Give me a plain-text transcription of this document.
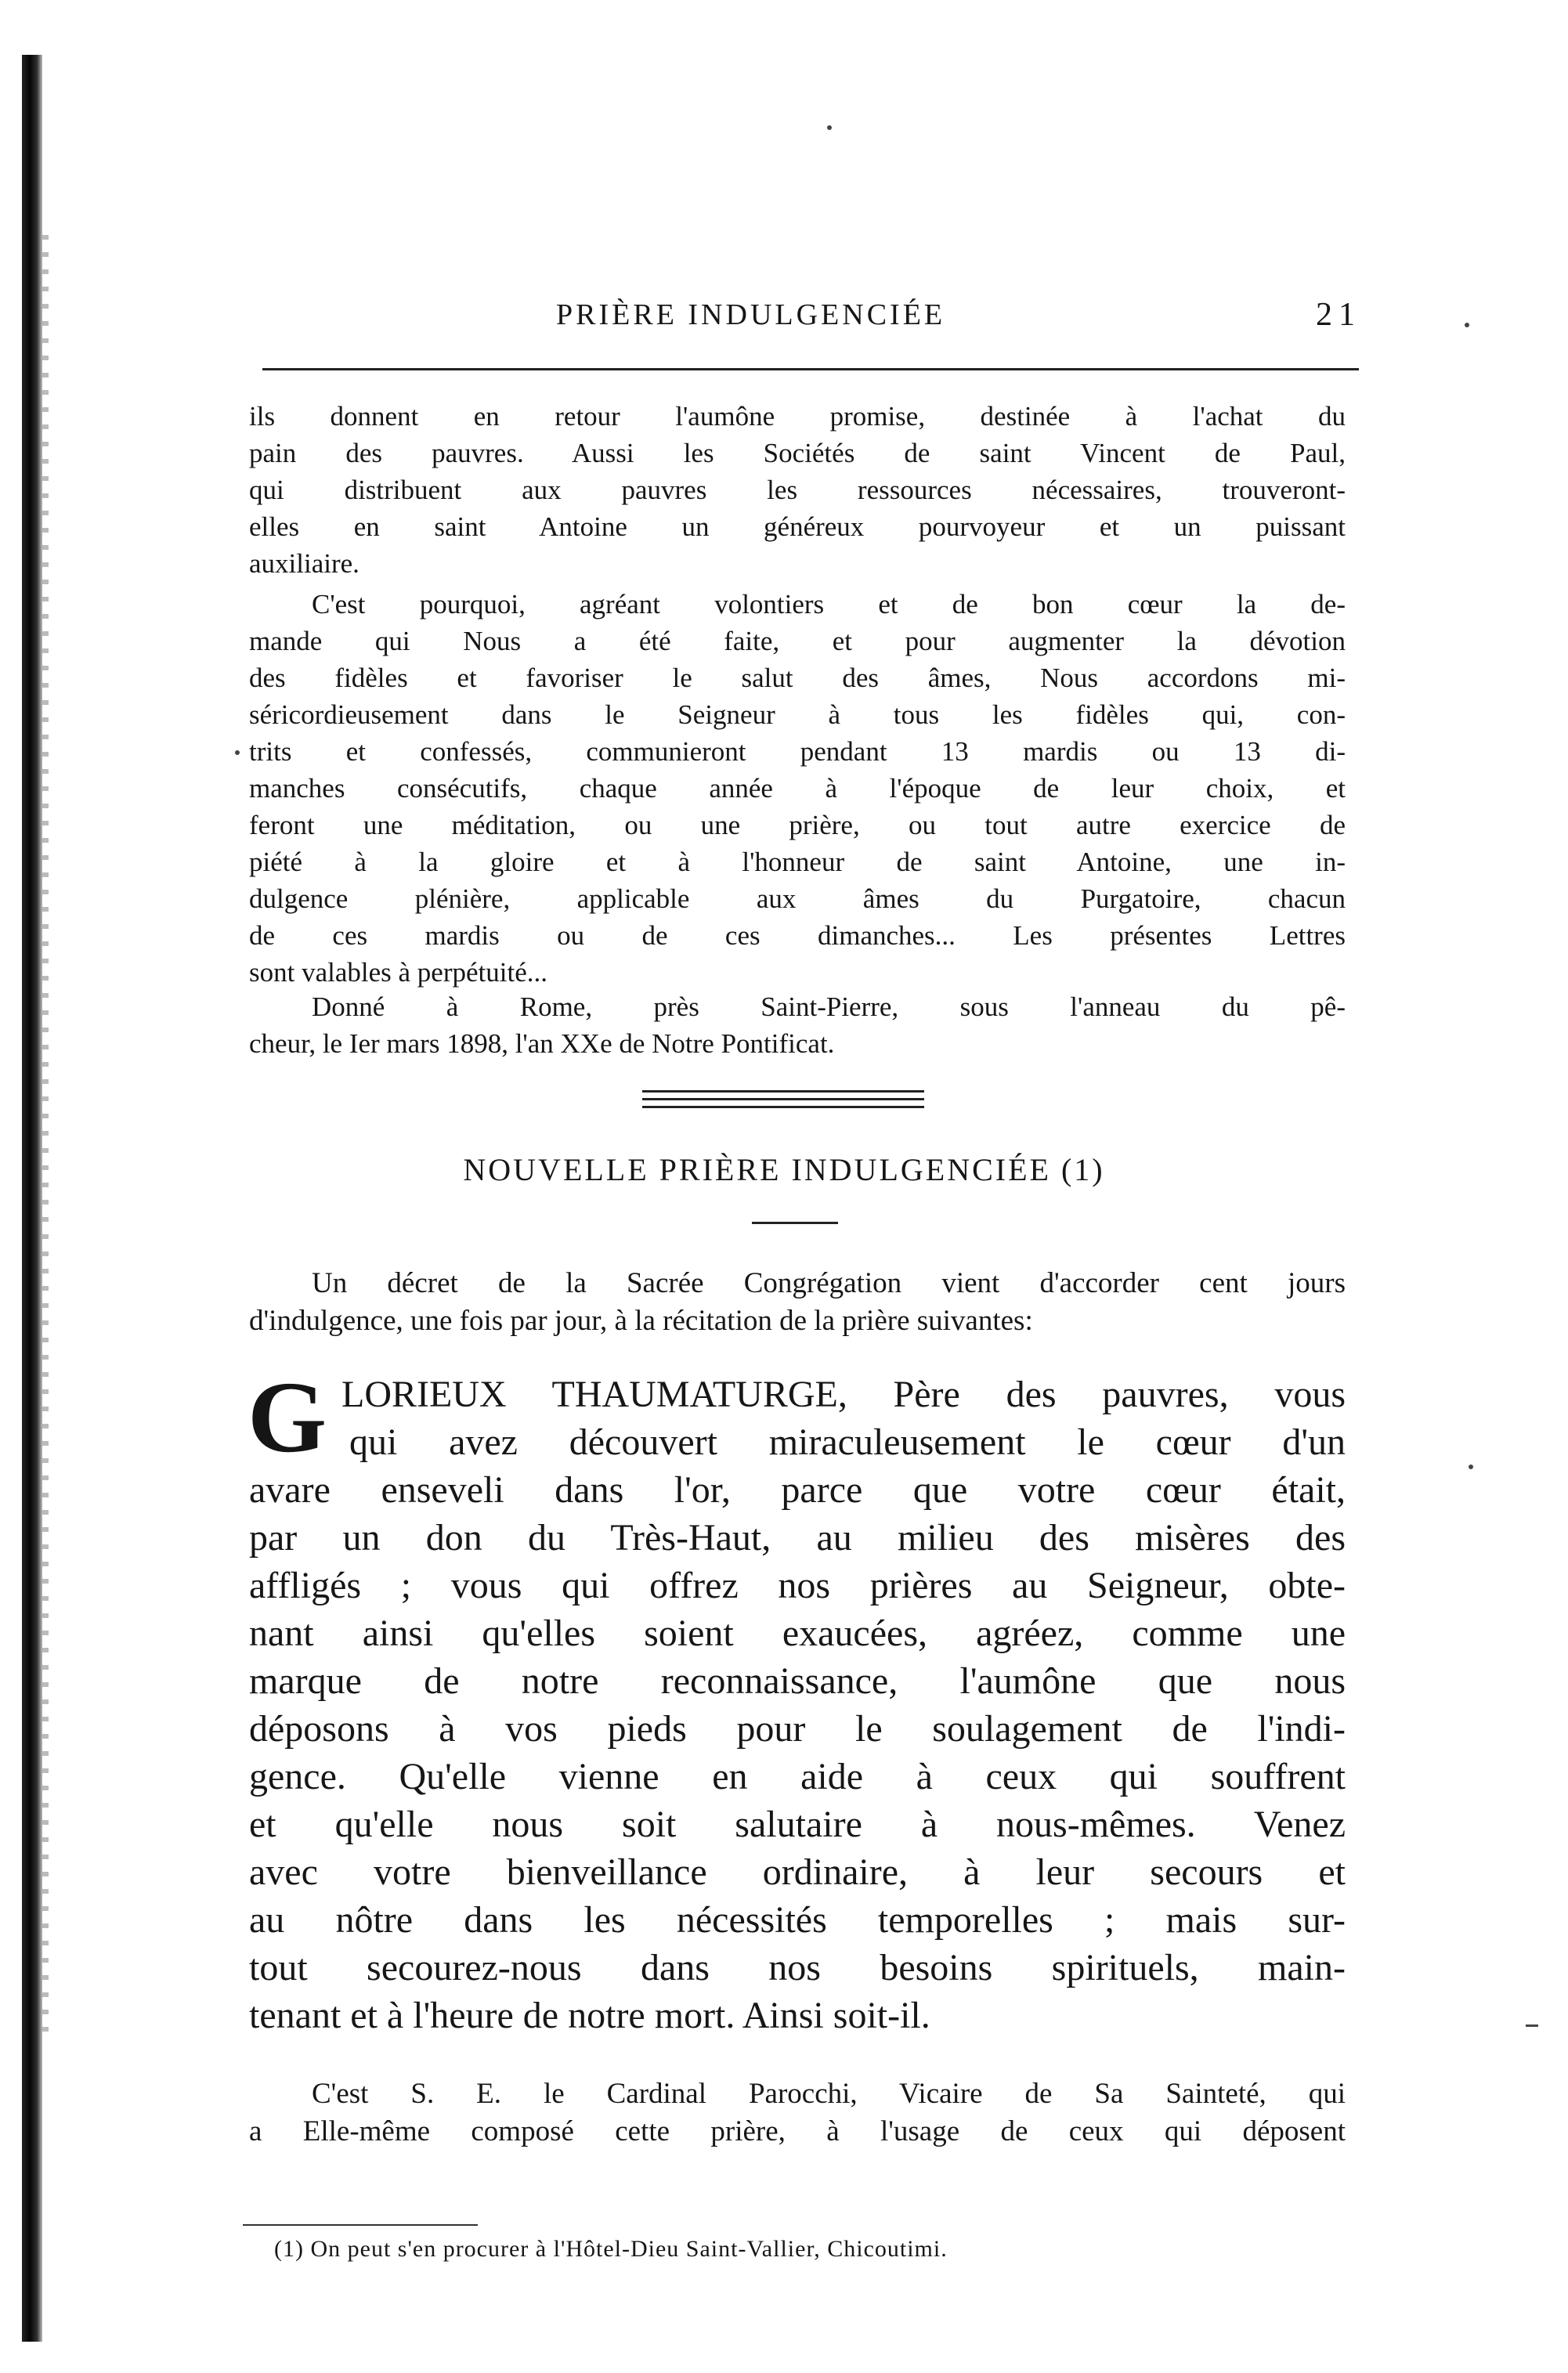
PRIÈRE INDULGENCIÉE	21
ils donnent en retour l'aumône promise, destinée à l'achat du
pain des pauvres. Aussi les Sociétés de saint Vincent de Paul,
qui distribuent aux pauvres les ressources nécessaires, trouveront-
elles en saint Antoine un généreux pourvoyeur et un puissant
auxiliaire.
C'est pourquoi, agréant volontiers et de bon cœur la de-
mande qui Nous a été faite, et pour augmenter la dévotion
des fidèles et favoriser le salut des âmes, Nous accordons mi-
séricordieusement dans le Seigneur à tous les fidèles qui, con-
trits et confessés, communieront pendant 13 mardis ou 13 di-
manches consécutifs, chaque année à l'époque de leur choix, et
feront une méditation, ou une prière, ou tout autre exercice de
piété à la gloire et à l'honneur de saint Antoine, une in-
dulgence plénière, applicable aux âmes du Purgatoire, chacun
de ces mardis ou de ces dimanches... Les présentes Lettres
sont valables à perpétuité...
Donné à Rome, près Saint-Pierre, sous l'anneau du pê-
cheur, le Ier mars 1898, l'an XXe de Notre Pontificat.
NOUVELLE PRIÈRE INDULGENCIÉE (1)
Un décret de la Sacrée Congrégation vient d'accorder cent jours
d'indulgence, une fois par jour, à la récitation de la prière suivantes:
G LORIEUX THAUMATURGE, Père des pauvres, vous
qui avez découvert miraculeusement le cœur d'un
avare enseveli dans l'or, parce que votre cœur était,
par un don du Très-Haut, au milieu des misères des
affligés ; vous qui offrez nos prières au Seigneur, obte-
nant ainsi qu'elles soient exaucées, agréez, comme une
marque de notre reconnaissance, l'aumône que nous
déposons à vos pieds pour le soulagement de l'indi-
gence. Qu'elle vienne en aide à ceux qui souffrent
et qu'elle nous soit salutaire à nous-mêmes. Venez
avec votre bienveillance ordinaire, à leur secours et
au nôtre dans les nécessités temporelles ; mais sur-
tout secourez-nous dans nos besoins spirituels, main-
tenant et à l'heure de notre mort. Ainsi soit-il.
C'est S. E. le Cardinal Parocchi, Vicaire de Sa Sainteté, qui
a Elle-même composé cette prière, à l'usage de ceux qui déposent
(1) On peut s'en procurer à l'Hôtel-Dieu Saint-Vallier, Chicoutimi.
